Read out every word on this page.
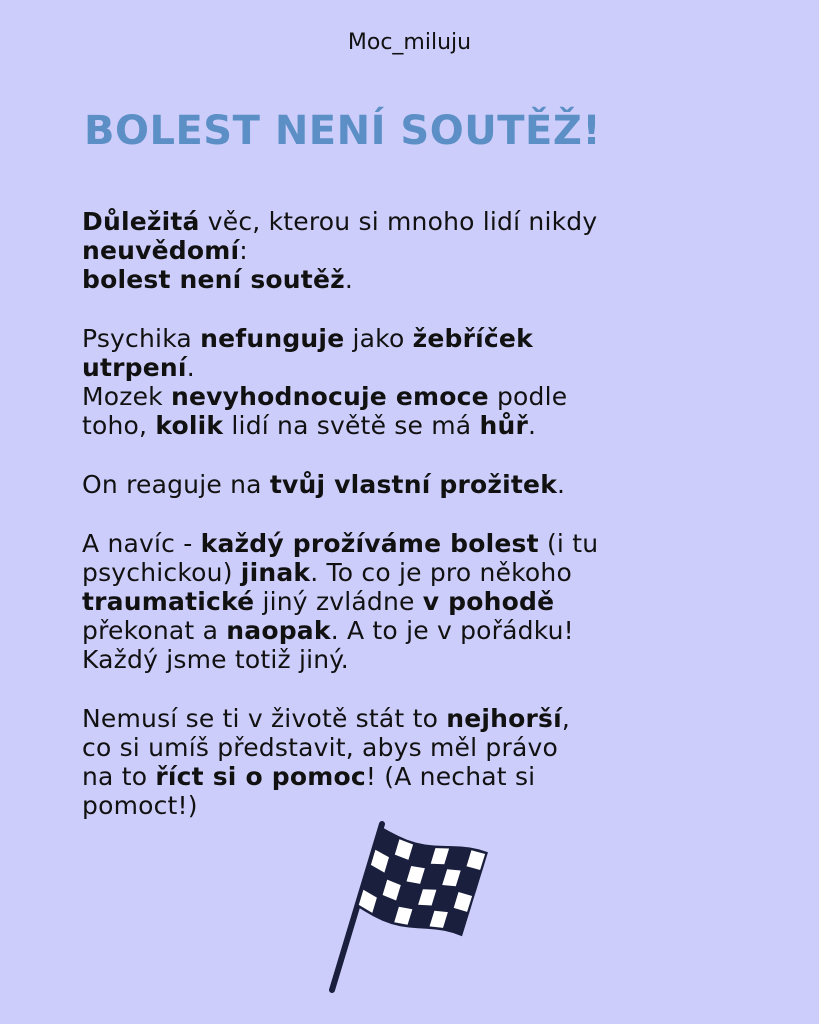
Moc_miluju
BOLEST NENÍ SOUTĚŽ!

Důležitá věc, kterou si mnoho lidí nikdy
neuvědomí:
bolest není soutěž.

Psychika nefunguje jako žebříček
utrpení.
Mozek nevyhodnocuje emoce podle
toho, kolik lidí na světě se má hůř.

On reaguje na tvůj vlastní prožitek.

A navíc - každý prožíváme bolest (i tu
psychickou) jinak. To co je pro někoho
traumatické jiný zvládne v pohodě
překonat a naopak. A to je v pořádku!
Každý jsme totiž jiný.

Nemusí se ti v životě stát to nejhorší,
co si umíš představit, abys měl právo
na to říct si o pomoc! (A nechat si
pomoct!)
